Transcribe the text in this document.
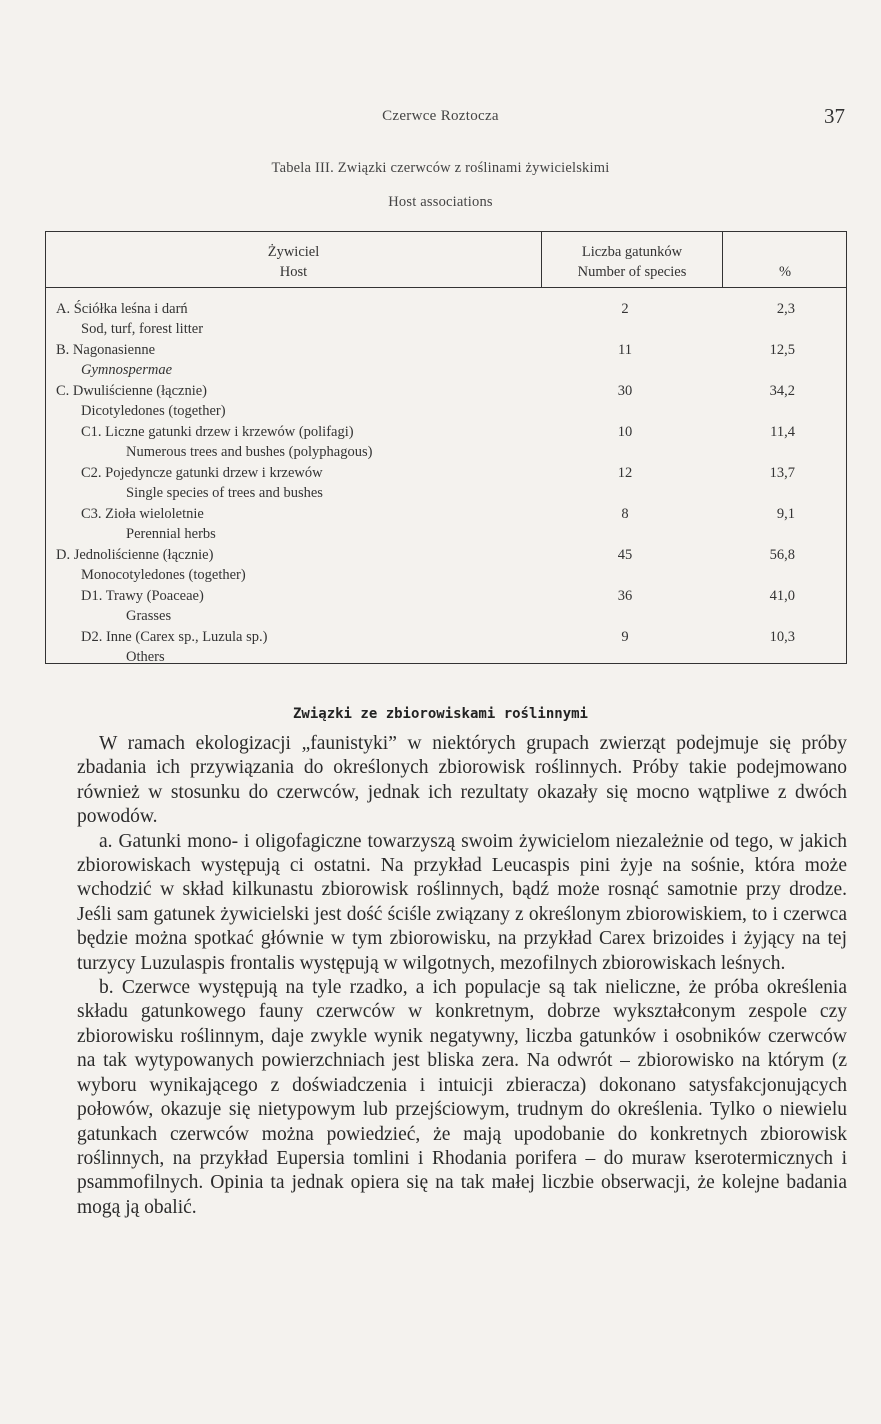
Czerwce Roztocza	37
Tabela III. Związki czerwców z roślinami żywicielskimi
Host associations
Żywiciel
Host
Liczba gatunków
Number of species	%
A. Ściółka leśna i darń
Sod, turf, forest litter
2	2,3
B. Nagonasienne
Gymnospermae
11	12,5
C. Dwuliścienne (łącznie)
Dicotyledones (together)
30	34,2
C1. Liczne gatunki drzew i krzewów (polifagi)
Numerous trees and bushes (polyphagous)
10	11,4
C2. Pojedyncze gatunki drzew i krzewów
Single species of trees and bushes
12	13,7
C3. Zioła wieloletnie
Perennial herbs
8	9,1
D. Jednoliścienne (łącznie)
Monocotyledones (together)
45	56,8
D1. Trawy (Poaceae)
Grasses
36	41,0
D2. Inne (Carex sp., Luzula sp.)
Others
9	10,3
Związki ze zbiorowiskami roślinnymi

W ramach ekologizacji „faunistyki” w niektórych grupach zwierząt podejmuje się próby zbadania ich przywiązania do określonych zbiorowisk roślinnych. Próby takie podejmowano również w stosunku do czerwców, jednak ich rezultaty okazały się mocno wątpliwe z dwóch powodów.

a. Gatunki mono- i oligofagiczne towarzyszą swoim żywicielom niezależnie od tego, w jakich zbiorowiskach występują ci ostatni. Na przykład Leucaspis pini żyje na sośnie, która może wchodzić w skład kilkunastu zbiorowisk roślinnych, bądź może rosnąć samotnie przy drodze. Jeśli sam gatunek żywicielski jest dość ściśle związany z określonym zbiorowiskiem, to i czerwca będzie można spotkać głównie w tym zbiorowisku, na przykład Carex brizoides i żyjący na tej turzycy Luzulaspis frontalis występują w wilgotnych, mezofilnych zbiorowiskach leśnych.

b. Czerwce występują na tyle rzadko, a ich populacje są tak nieliczne, że próba określenia składu gatunkowego fauny czerwców w konkretnym, dobrze wykształconym zespole czy zbiorowisku roślinnym, daje zwykle wynik negatywny, liczba gatunków i osobników czerwców na tak wytypowanych powierzchniach jest bliska zera. Na odwrót – zbiorowisko na którym (z wyboru wynikającego z doświadczenia i intuicji zbieracza) dokonano satysfakcjonujących połowów, okazuje się nietypowym lub przejściowym, trudnym do określenia. Tylko o niewielu gatunkach czerwców można powiedzieć, że mają upodobanie do konkretnych zbiorowisk roślinnych, na przykład Eupersia tomlini i Rhodania porifera – do muraw kserotermicznych i psammofilnych. Opinia ta jednak opiera się na tak małej liczbie obserwacji, że kolejne badania mogą ją obalić.
